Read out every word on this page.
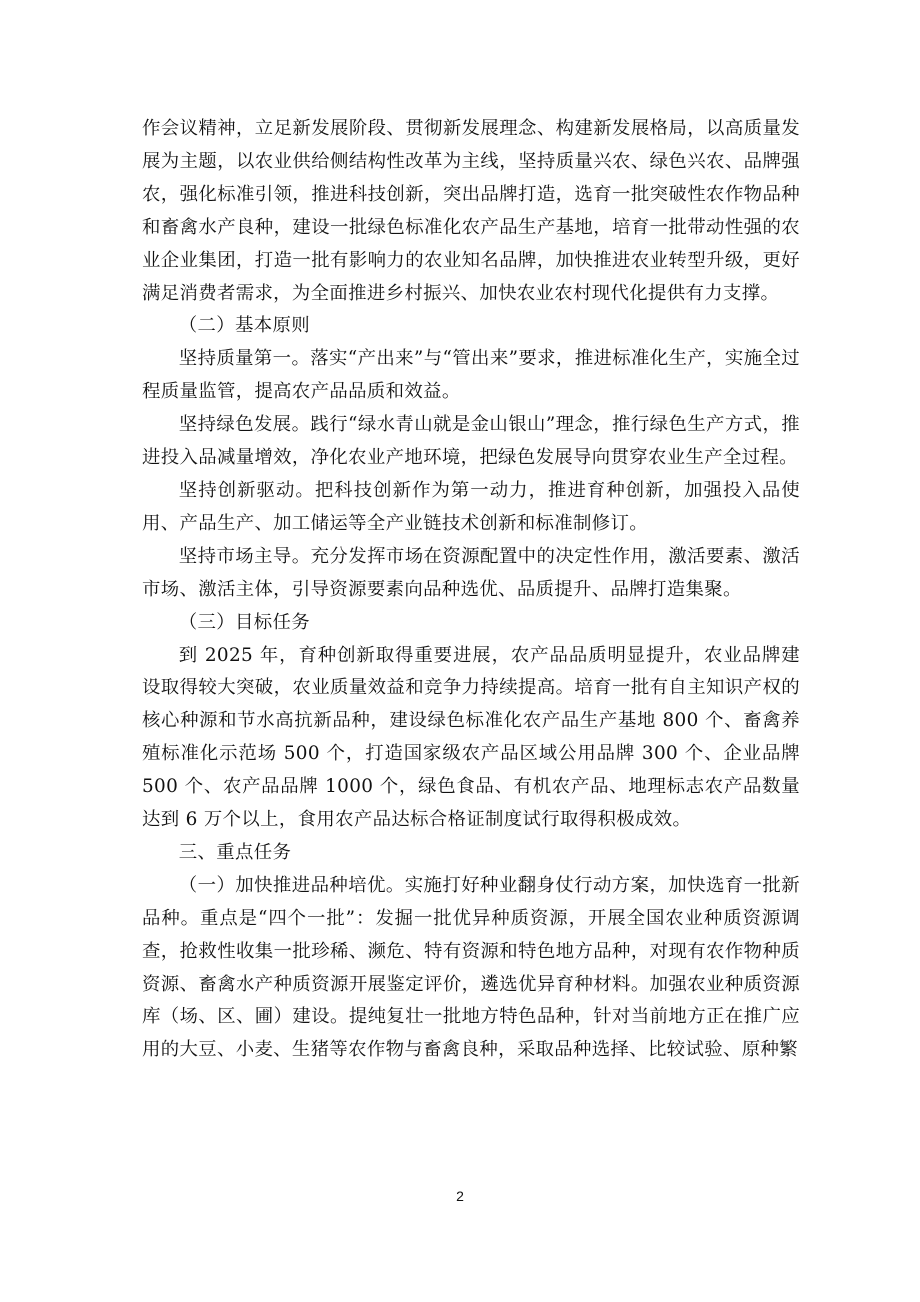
作会议精神，立足新发展阶段、贯彻新发展理念、构建新发展格局，以高质量发展为主题，以农业供给侧结构性改革为主线，坚持质量兴农、绿色兴农、品牌强农，强化标准引领，推进科技创新，突出品牌打造，选育一批突破性农作物品种和畜禽水产良种，建设一批绿色标准化农产品生产基地，培育一批带动性强的农业企业集团，打造一批有影响力的农业知名品牌，加快推进农业转型升级，更好满足消费者需求，为全面推进乡村振兴、加快农业农村现代化提供有力支撑。

（二）基本原则

坚持质量第一。落实“产出来”与“管出来”要求，推进标准化生产，实施全过程质量监管，提高农产品品质和效益。

坚持绿色发展。践行“绿水青山就是金山银山”理念，推行绿色生产方式，推进投入品减量增效，净化农业产地环境，把绿色发展导向贯穿农业生产全过程。

坚持创新驱动。把科技创新作为第一动力，推进育种创新，加强投入品使用、产品生产、加工储运等全产业链技术创新和标准制修订。

坚持市场主导。充分发挥市场在资源配置中的决定性作用，激活要素、激活市场、激活主体，引导资源要素向品种选优、品质提升、品牌打造集聚。

（三）目标任务

到 2025 年，育种创新取得重要进展，农产品品质明显提升，农业品牌建设取得较大突破，农业质量效益和竞争力持续提高。培育一批有自主知识产权的核心种源和节水高抗新品种，建设绿色标准化农产品生产基地 800 个、畜禽养殖标准化示范场 500 个，打造国家级农产品区域公用品牌 300 个、企业品牌 500 个、农产品品牌 1000 个，绿色食品、有机农产品、地理标志农产品数量达到 6 万个以上，食用农产品达标合格证制度试行取得积极成效。

三、重点任务

（一）加快推进品种培优。实施打好种业翻身仗行动方案，加快选育一批新品种。重点是“四个一批”：发掘一批优异种质资源，开展全国农业种质资源调查，抢救性收集一批珍稀、濒危、特有资源和特色地方品种，对现有农作物种质资源、畜禽水产种质资源开展鉴定评价，遴选优异育种材料。加强农业种质资源库（场、区、圃）建设。提纯复壮一批地方特色品种，针对当前地方正在推广应用的大豆、小麦、生猪等农作物与畜禽良种，采取品种选择、比较试验、原种繁

2
